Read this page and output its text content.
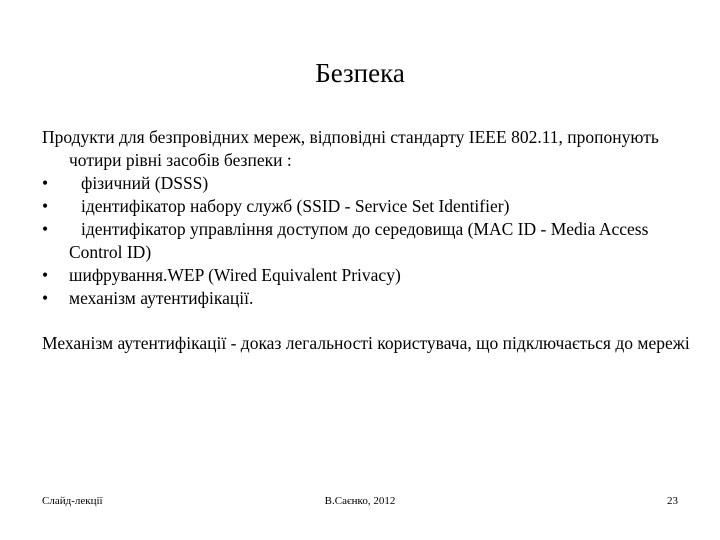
Безпека

Продукти для безпровідних мереж, відповідні стандарту IEEE 802.11, пропонують чотири рівні засобів безпеки :

•	фізичний (DSSS)
•	ідентифікатор набору служб (SSID - Service Set Identifier)
•	ідентифікатор управління доступом до середовища (MAC ID - Media Access Control ID)
•	шифрування.WEP (Wired Equivalent Privacy)
•	механізм аутентифікації.

Механізм аутентифікації - доказ легальності користувача, що підключається до мережі

Слайд-лекції	В.Саєнко, 2012	23
